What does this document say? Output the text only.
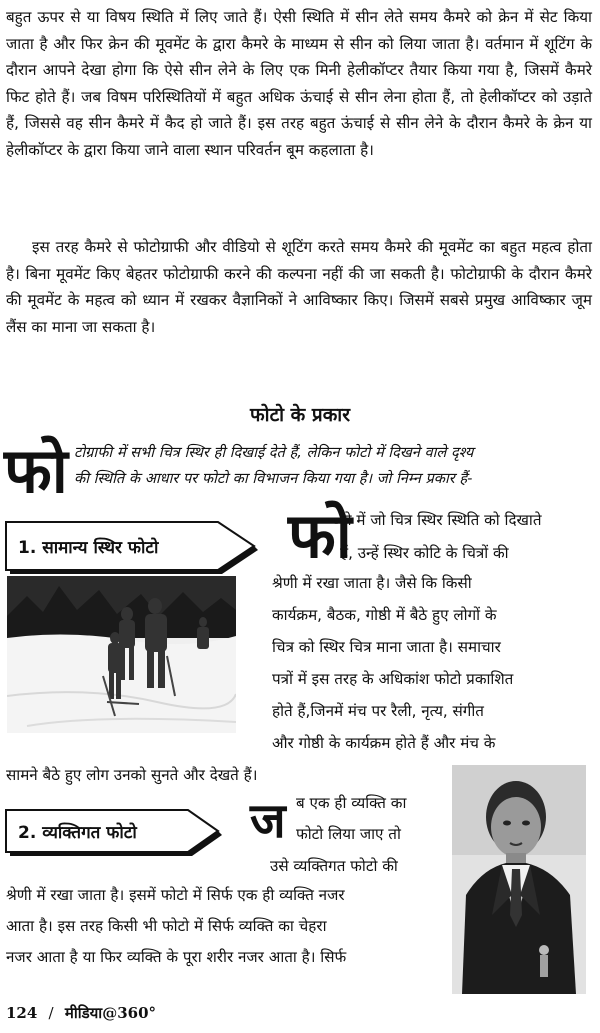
बहुत ऊपर से या विषय स्थिति में लिए जाते हैं। ऐसी स्थिति में सीन लेते समय कैमरे को क्रेन में सेट किया जाता है और फिर क्रेन की मूवमेंट के द्वारा कैमरे के माध्यम से सीन को लिया जाता है। वर्तमान में शूटिंग के दौरान आपने देखा होगा कि ऐसे सीन लेने के लिए एक मिनी हेलीकॉप्टर तैयार किया गया है, जिसमें कैमरे फिट होते हैं। जब विषम परिस्थितियों में बहुत अधिक ऊंचाई से सीन लेना होता हैं, तो हेलीकॉप्टर को उड़ाते हैं, जिससे वह सीन कैमरे में कैद हो जाते हैं। इस तरह बहुत ऊंचाई से सीन लेने के दौरान कैमरे के क्रेन या हेलीकॉप्टर के द्वारा किया जाने वाला स्थान परिवर्तन बूम कहलाता है।

इस तरह कैमरे से फोटोग्राफी और वीडियो से शूटिंग करते समय कैमरे की मूवमेंट का बहुत महत्व होता है। बिना मूवमेंट किए बेहतर फोटोग्राफी करने की कल्पना नहीं की जा सकती है। फोटोग्राफी के दौरान कैमरे की मूवमेंट के महत्व को ध्यान में रखकर वैज्ञानिकों ने आविष्कार किए। जिसमें सबसे प्रमुख आविष्कार जूम लैंस का माना जा सकता है।

फोटो के प्रकार
फो टोग्राफी में सभी चित्र स्थिर ही दिखाई देते हैं, लेकिन फोटो में दिखने वाले दृश्य
की स्थिति के आधार पर फोटो का विभाजन किया गया है। जो निम्न प्रकार हैं-
1. सामान्य स्थिर फोटो फो
टो में जो चित्र स्थिर स्थिति को दिखाते
हैं, उन्हें स्थिर कोटि के चित्रों की
श्रेणी में रखा जाता है। जैसे कि किसी
कार्यक्रम, बैठक, गोष्ठी में बैठे हुए लोगों के
चित्र को स्थिर चित्र माना जाता है। समाचार
पत्रों में इस तरह के अधिकांश फोटो प्रकाशित
होते हैं,जिनमें मंच पर रैली, नृत्य, संगीत
और गोष्ठी के कार्यक्रम होते हैं और मंच के
सामने बैठे हुए लोग उनको सुनते और देखते हैं।
2. व्यक्तिगत फोटो ज ब एक ही व्यक्ति का
फोटो लिया जाए तो
उसे व्यक्तिगत फोटो की
श्रेणी में रखा जाता है। इसमें फोटो में सिर्फ एक ही व्यक्ति नजर
आता है। इस तरह किसी भी फोटो में सिर्फ व्यक्ति का चेहरा
नजर आता है या फिर व्यक्ति के पूरा शरीर नजर आता है। सिर्फ
124 / मीडिया@360°
